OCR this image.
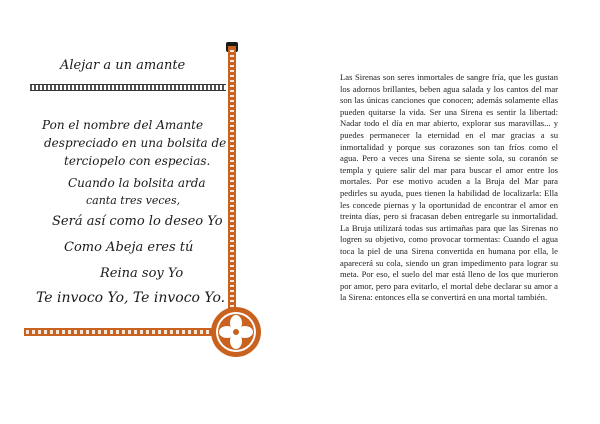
Alejar a un amante
Pon el nombre del Amante
despreciado en una bolsita de
terciopelo con especias.
Cuando la bolsita arda
canta tres veces,
Será así como lo deseo Yo
Como Abeja eres tú
Reina soy Yo
Te invoco Yo, Te invoco Yo.
Las Sirenas son seres inmortales de sangre fría, que les gustan los adornos brillantes, beben agua salada y los cantos del mar son las únicas canciones que conocen; además solamente ellas pueden quitarse la vida. Ser una Sirena es sentir la libertad: Nadar todo el día en mar abierto, explorar sus maravillas... y puedes permanecer la eternidad en el mar gracias a su inmortalidad y porque sus corazones son tan fríos como el agua. Pero a veces una Sirena se siente sola, su coranón se templa y quiere salir del mar para buscar el amor entre los mortales. Por ese motivo acuden a la Bruja del Mar para pedirles su ayuda, pues tienen la habilidad de localizarla: Ella les concede piernas y la oportunidad de encontrar el amor en treinta días, pero si fracasan deben entregarle su inmortalidad. La Bruja utilizará todas sus artimañas para que las Sirenas no logren su objetivo, como provocar tormentas: Cuando el agua toca la piel de una Sirena convertida en humana por ella, le aparecerá su cola, siendo un gran impedimento para lograr su meta. Por eso, el suelo del mar está lleno de los que murieron por amor, pero para evitarlo, el mortal debe declarar su amor a la Sirena: entonces ella se convertirá en una mortal también.
